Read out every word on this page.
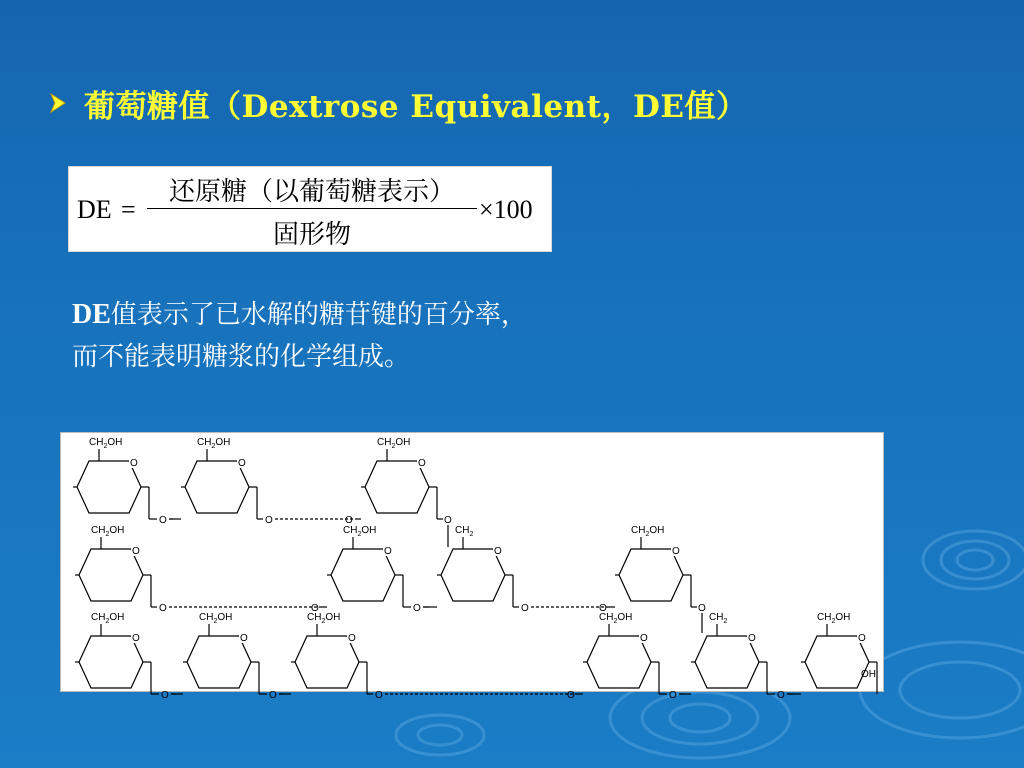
葡萄糖值（Dextrose Equivalent，DE值）
DE =
还原糖（以葡萄糖表示）
固形物
×100
DE值表示了已水解的糖苷键的百分率，
而不能表明糖浆的化学组成。
O
$CH_2OH$
O
$CH_2OH$
O
$CH_2OH$
O	O	O	O
O
$CH_2OH$
O
$CH_2OH$
O
$CH_2$
O
$CH_2OH$
O	O	O	O	O	O
O
$CH_2OH$
O
$CH_2OH$
O
$CH_2OH$
O
$CH_2OH$
O
$CH_2$
O
$CH_2OH$
O	O	O	O	O	O
OH
